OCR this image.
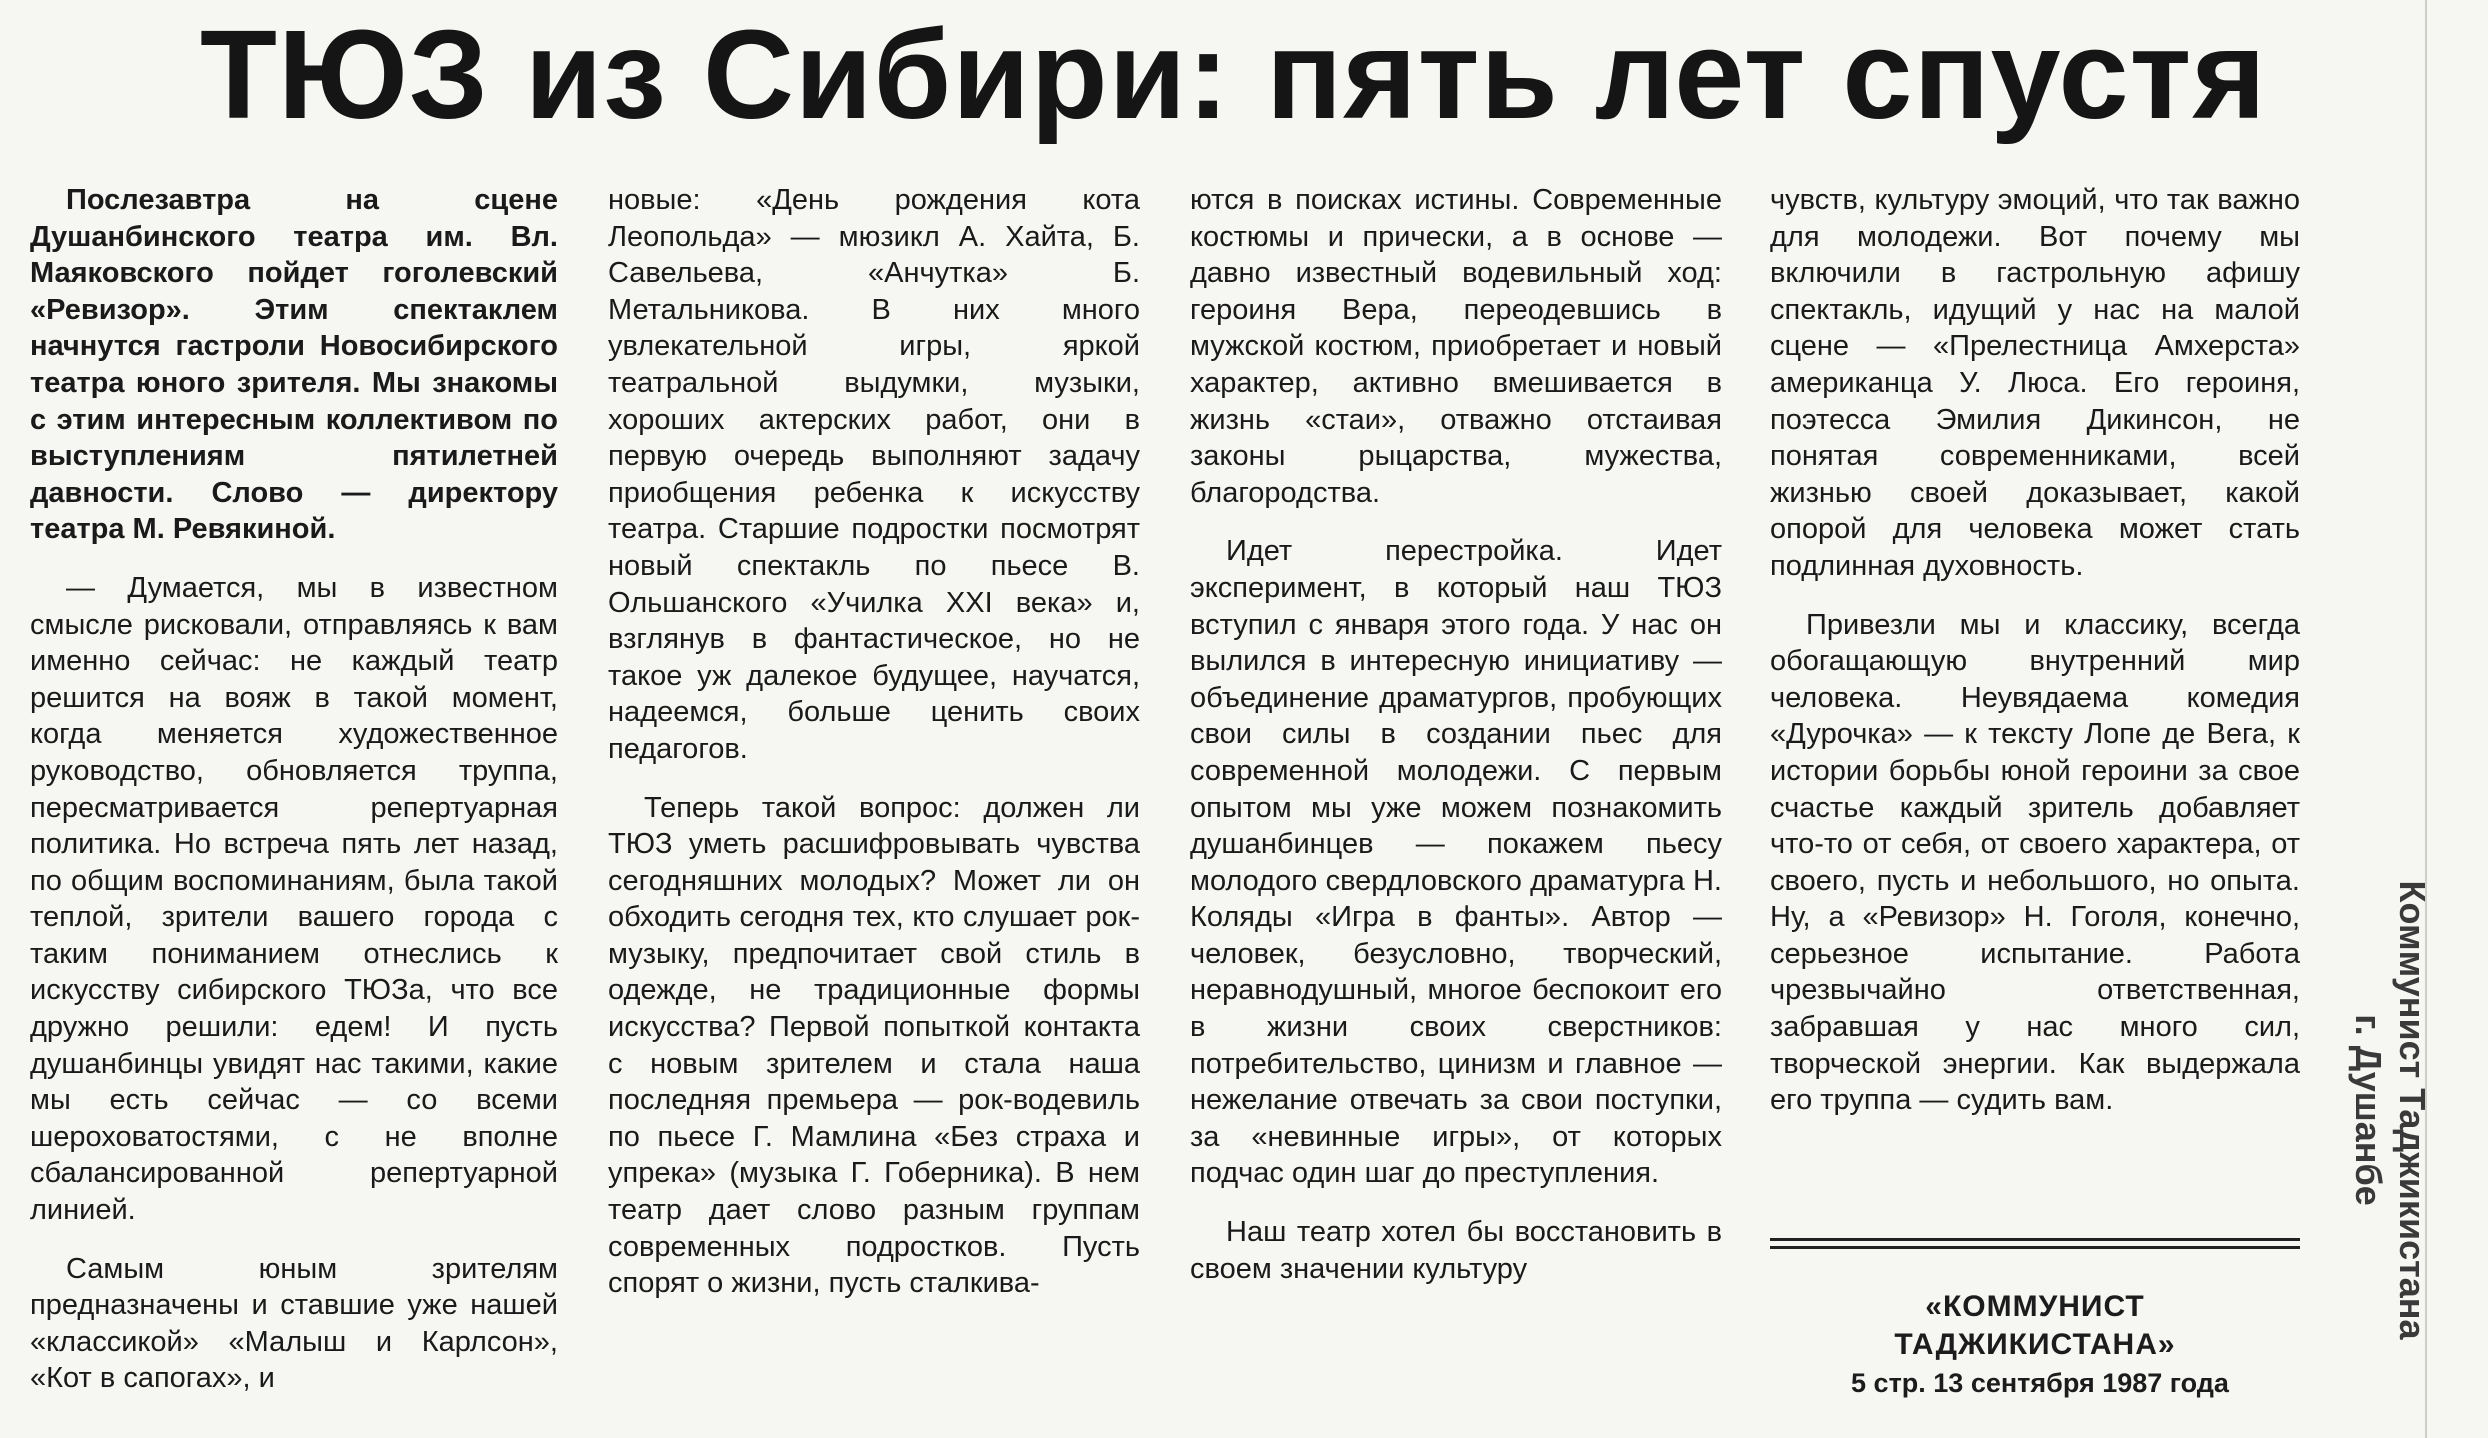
ТЮЗ из Сибири: пять лет спустя

Послезавтра на сцене Душанбинского театра им. Вл. Маяковского пойдет гоголевский «Ревизор». Этим спектаклем начнутся гастроли Новосибирского театра юного зрителя. Мы знакомы с этим интересным коллективом по выступлениям пятилетней давности. Слово — директору театра М. Ревякиной.

— Думается, мы в известном смысле рисковали, отправляясь к вам именно сейчас: не каждый театр решится на вояж в такой момент, когда меняется художественное руководство, обновляется труппа, пересматривается репертуарная политика. Но встреча пять лет назад, по общим воспоминаниям, была такой теплой, зрители вашего города с таким пониманием отнеслись к искусству сибирского ТЮЗа, что все дружно решили: едем! И пусть душанбинцы увидят нас такими, какие мы есть сейчас — со всеми шероховатостями, с не вполне сбалансированной репертуарной линией.

Самым юным зрителям предназначены и ставшие уже нашей «классикой» «Малыш и Карлсон», «Кот в сапогах», и

новые: «День рождения кота Леопольда» — мюзикл А. Хайта, Б. Савельева, «Анчутка» Б. Метальникова. В них много увлекательной игры, яркой театральной выдумки, музыки, хороших актерских работ, они в первую очередь выполняют задачу приобщения ребенка к искусству театра. Старшие подростки посмотрят новый спектакль по пьесе В. Ольшанского «Училка XXI века» и, взглянув в фантастическое, но не такое уж далекое будущее, научатся, надеемся, больше ценить своих педагогов.

Теперь такой вопрос: должен ли ТЮЗ уметь расшифровывать чувства сегодняшних молодых? Может ли он обходить сегодня тех, кто слушает рок-музыку, предпочитает свой стиль в одежде, не традиционные формы искусства? Первой попыткой контакта с новым зрителем и стала наша последняя премьера — рок-водевиль по пьесе Г. Мамлина «Без страха и упрека» (музыка Г. Гоберника). В нем театр дает слово разным группам современных подростков. Пусть спорят о жизни, пусть сталкива-

ются в поисках истины. Современные костюмы и прически, а в основе — давно известный водевильный ход: героиня Вера, переодевшись в мужской костюм, приобретает и новый характер, активно вмешивается в жизнь «стаи», отважно отстаивая законы рыцарства, мужества, благородства.

Идет перестройка. Идет эксперимент, в который наш ТЮЗ вступил с января этого года. У нас он вылился в интересную инициативу — объединение драматургов, пробующих свои силы в создании пьес для современной молодежи. С первым опытом мы уже можем познакомить душанбинцев — покажем пьесу молодого свердловского драматурга Н. Коляды «Игра в фанты». Автор — человек, безусловно, творческий, неравнодушный, многое беспокоит его в жизни своих сверстников: потребительство, цинизм и главное — нежелание отвечать за свои поступки, за «невинные игры», от которых подчас один шаг до преступления.

Наш театр хотел бы восстановить в своем значении культуру

чувств, культуру эмоций, что так важно для молодежи. Вот почему мы включили в гастрольную афишу спектакль, идущий у нас на малой сцене — «Прелестница Амхерста» американца У. Люса. Его героиня, поэтесса Эмилия Дикинсон, не понятая современниками, всей жизнью своей доказывает, какой опорой для человека может стать подлинная духовность.

Привезли мы и классику, всегда обогащающую внутренний мир человека. Неувядаема комедия «Дурочка» — к тексту Лопе де Вега, к истории борьбы юной героини за свое счастье каждый зритель добавляет что-то от себя, от своего характера, от своего, пусть и небольшого, но опыта. Ну, а «Ревизор» Н. Гоголя, конечно, серьезное испытание. Работа чрезвычайно ответственная, забравшая у нас много сил, творческой энергии. Как выдержала его труппа — судить вам.

«КОММУНИСТ
ТАДЖИКИСТАНА»
5 стр. 13 сентября 1987 года
Коммунист Таджикистана
г. Душанбе
